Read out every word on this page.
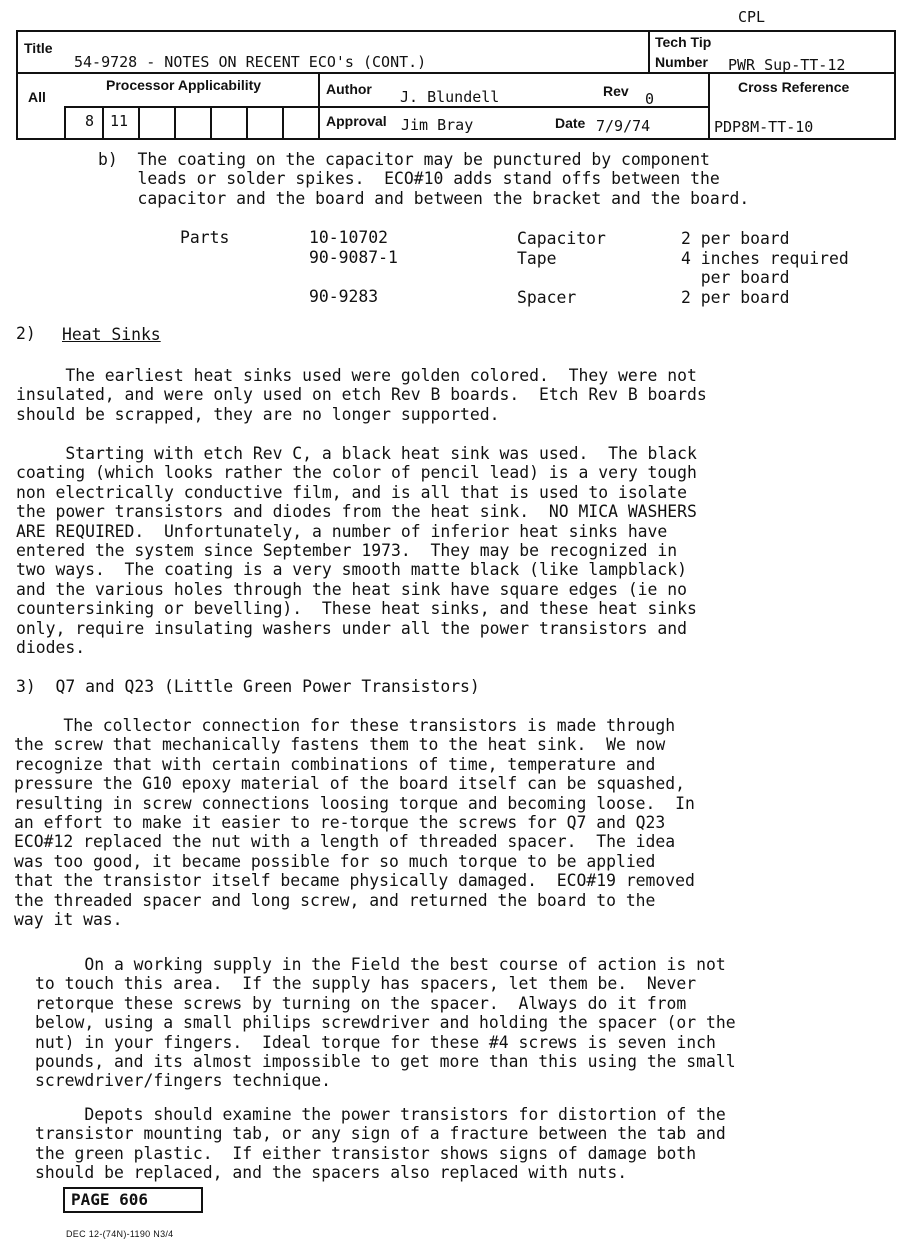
CPL
Title
54-9728 - NOTES ON RECENT ECO's (CONT.)
Tech Tip
Number PWR Sup-TT-12
All
Processor Applicability
8 11
Author J. Blundell	Rev 0
Cross Reference
PDP8M-TT-10
Approval Jim Bray	Date 7/9/74
b)  The coating on the capacitor may be punctured by component
leads or solder spikes.  ECO#10 adds stand offs between the
capacitor and the board and between the bracket and the board.
Parts	10-10702	Capacitor	2 per board
90-9087-1	Tape	4 inches required
per board
90-9283	Spacer	2 per board
2) Heat Sinks
The earliest heat sinks used were golden colored.  They were not
insulated, and were only used on etch Rev B boards.  Etch Rev B boards
should be scrapped, they are no longer supported.
Starting with etch Rev C, a black heat sink was used.  The black
coating (which looks rather the color of pencil lead) is a very tough
non electrically conductive film, and is all that is used to isolate
the power transistors and diodes from the heat sink.  NO MICA WASHERS
ARE REQUIRED.  Unfortunately, a number of inferior heat sinks have
entered the system since September 1973.  They may be recognized in
two ways.  The coating is a very smooth matte black (like lampblack)
and the various holes through the heat sink have square edges (ie no
countersinking or bevelling).  These heat sinks, and these heat sinks
only, require insulating washers under all the power transistors and
diodes.
3)  Q7 and Q23 (Little Green Power Transistors)
The collector connection for these transistors is made through
the screw that mechanically fastens them to the heat sink.  We now
recognize that with certain combinations of time, temperature and
pressure the G10 epoxy material of the board itself can be squashed,
resulting in screw connections loosing torque and becoming loose.  In
an effort to make it easier to re-torque the screws for Q7 and Q23
ECO#12 replaced the nut with a length of threaded spacer.  The idea
was too good, it became possible for so much torque to be applied
that the transistor itself became physically damaged.  ECO#19 removed
the threaded spacer and long screw, and returned the board to the
way it was.
On a working supply in the Field the best course of action is not
to touch this area.  If the supply has spacers, let them be.  Never
retorque these screws by turning on the spacer.  Always do it from
below, using a small philips screwdriver and holding the spacer (or the
nut) in your fingers.  Ideal torque for these #4 screws is seven inch
pounds, and its almost impossible to get more than this using the small
screwdriver/fingers technique.
Depots should examine the power transistors for distortion of the
transistor mounting tab, or any sign of a fracture between the tab and
the green plastic.  If either transistor shows signs of damage both
should be replaced, and the spacers also replaced with nuts.
PAGE 606
DEC 12-(74N)-1190 N3/4
